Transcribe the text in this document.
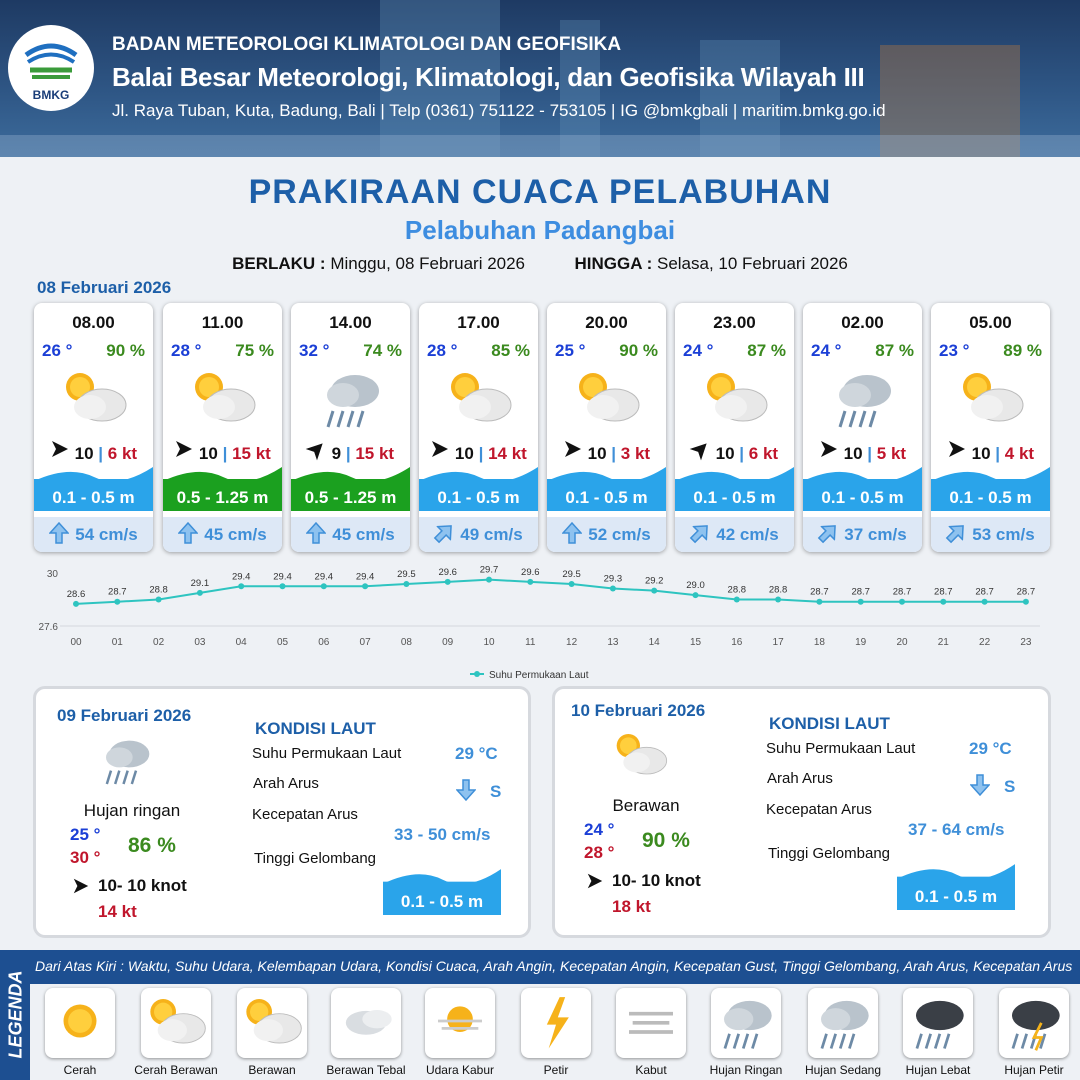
BMKG
BADAN METEOROLOGI KLIMATOLOGI DAN GEOFISIKA
Balai Besar Meteorologi, Klimatologi, dan Geofisika Wilayah III
Jl. Raya Tuban, Kuta, Badung, Bali | Telp (0361) 751122 - 753105 | IG @bmkgbali | maritim.bmkg.go.id
PRAKIRAAN CUACA PELABUHAN
Pelabuhan Padangbai
BERLAKU : Minggu, 08 Februari 2026	HINGGA : Selasa, 10 Februari 2026
08 Februari 2026
08.00
26 ° 90 %
10 | 6 kt
0.1 - 0.5 m
54 cm/s
11.00
28 ° 75 %
10 | 15 kt
0.5 - 1.25 m
45 cm/s
14.00
32 ° 74 %
9 | 15 kt
0.5 - 1.25 m
45 cm/s
17.00
28 ° 85 %
10 | 14 kt
0.1 - 0.5 m
49 cm/s
20.00
25 ° 90 %
10 | 3 kt
0.1 - 0.5 m
52 cm/s
23.00
24 ° 87 %
10 | 6 kt
0.1 - 0.5 m
42 cm/s
02.00
24 ° 87 %
10 | 5 kt
0.1 - 0.5 m
37 cm/s
05.00
23 ° 89 %
10 | 4 kt
0.1 - 0.5 m
53 cm/s
30
27.6
28.6
00
28.7
01
28.8
02
29.1
03
29.4
04
29.4
05
29.4
06
29.4
07
29.5
08
29.6
09
29.7
10
29.6
11
29.5
12
29.3
13
29.2
14
29.0
15
28.8
16
28.8
17
28.7
18
28.7
19
28.7
20
28.7
21
28.7
22
28.7
23
Suhu Permukaan Laut
09 Februari 2026
Hujan ringan
25 °
30 °
86 %
10- 10 knot
14 kt
KONDISI LAUT
Suhu Permukaan Laut	29 °C
Arah Arus	S
Kecepatan Arus
33 - 50 cm/s
Tinggi Gelombang
0.1 - 0.5 m
10 Februari 2026
Berawan
24 °
28 °
90 %
10- 10 knot
18 kt
KONDISI LAUT
Suhu Permukaan Laut	29 °C
Arah Arus	S
Kecepatan Arus
37 - 64 cm/s
Tinggi Gelombang
0.1 - 0.5 m
LEGENDA
Dari Atas Kiri : Waktu, Suhu Udara, Kelembapan Udara, Kondisi Cuaca, Arah Angin, Kecepatan Angin, Kecepatan Gust, Tinggi Gelombang, Arah Arus, Kecepatan Arus
Cerah	Cerah Berawan	Berawan	Berawan Tebal	Udara Kabur	Petir	Kabut	Hujan Ringan	Hujan Sedang	Hujan Lebat	Hujan Petir
